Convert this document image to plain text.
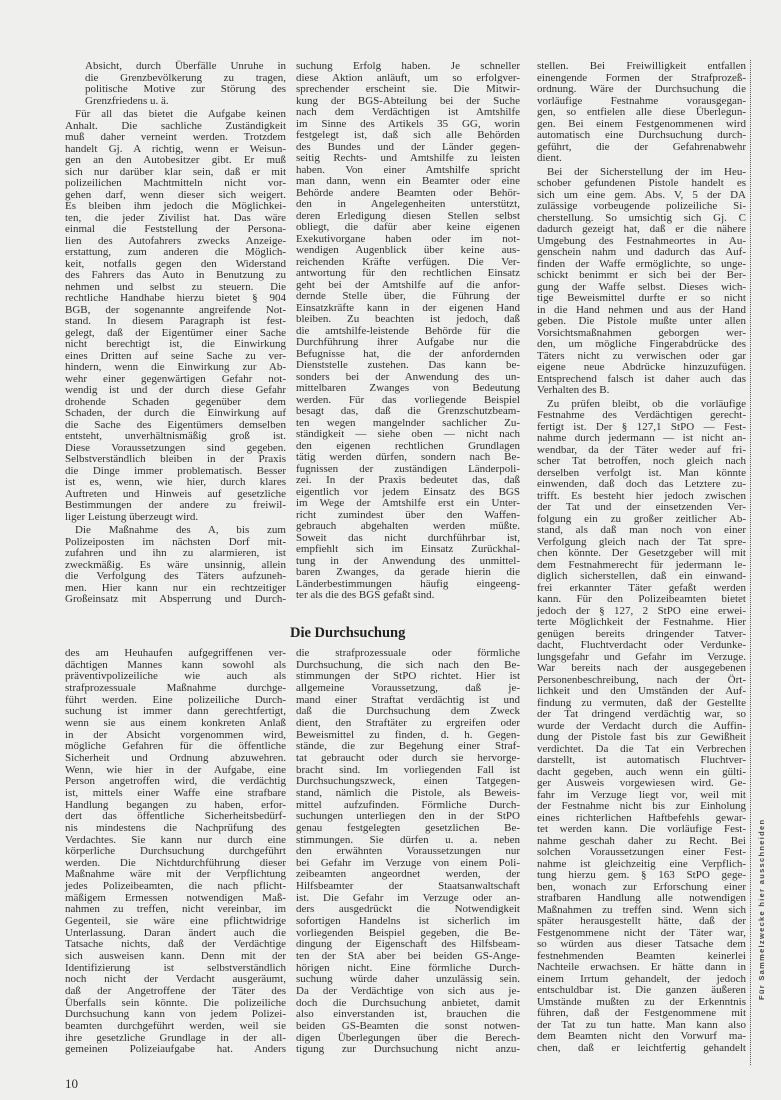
Absicht, durch Überfälle Unruhe in
die Grenzbevölkerung zu tragen,
politische Motive zur Störung des
Grenzfriedens u. ä.
Für all das bietet die Aufgabe keinen
Anhalt. Die sachliche Zuständigkeit
muß daher verneint werden. Trotzdem
handelt Gj. A richtig, wenn er Weisun-
gen an den Autobesitzer gibt. Er muß
sich nur darüber klar sein, daß er mit
polizeilichen Machtmitteln nicht vor-
gehen darf, wenn dieser sich weigert.
Es bleiben ihm jedoch die Möglichkei-
ten, die jeder Zivilist hat. Das wäre
einmal die Feststellung der Persona-
lien des Autofahrers zwecks Anzeige-
erstattung, zum anderen die Möglich-
keit, notfalls gegen den Widerstand
des Fahrers das Auto in Benutzung zu
nehmen und selbst zu steuern. Die
rechtliche Handhabe hierzu bietet § 904
BGB, der sogenannte angreifende Not-
stand. In diesem Paragraph ist fest-
gelegt, daß der Eigentümer einer Sache
nicht berechtigt ist, die Einwirkung
eines Dritten auf seine Sache zu ver-
hindern, wenn die Einwirkung zur Ab-
wehr einer gegenwärtigen Gefahr not-
wendig ist und der durch diese Gefahr
drohende Schaden gegenüber dem
Schaden, der durch die Einwirkung auf
die Sache des Eigentümers demselben
entsteht, unverhältnismäßig groß ist.
Diese Voraussetzungen sind gegeben.
Selbstverständlich bleiben in der Praxis
die Dinge immer problematisch. Besser
ist es, wenn, wie hier, durch klares
Auftreten und Hinweis auf gesetzliche
Bestimmungen der andere zu freiwil-
liger Leistung überzeugt wird.
Die Maßnahme des A, bis zum
Polizeiposten im nächsten Dorf mit-
zufahren und ihn zu alarmieren, ist
zweckmäßig. Es wäre unsinnig, allein
die Verfolgung des Täters aufzuneh-
men. Hier kann nur ein rechtzeitiger
Großeinsatz mit Absperrung und Durch-
suchung Erfolg haben. Je schneller
diese Aktion anläuft, um so erfolgver-
sprechender erscheint sie. Die Mitwir-
kung der BGS-Abteilung bei der Suche
nach dem Verdächtigen ist Amtshilfe
im Sinne des Artikels 35 GG, worin
festgelegt ist, daß sich alle Behörden
des Bundes und der Länder gegen-
seitig Rechts- und Amtshilfe zu leisten
haben. Von einer Amtshilfe spricht
man dann, wenn ein Beamter oder eine
Behörde andere Beamten oder Behör-
den in Angelegenheiten unterstützt,
deren Erledigung diesen Stellen selbst
obliegt, die dafür aber keine eigenen
Exekutivorgane haben oder im not-
wendigen Augenblick über keine aus-
reichenden Kräfte verfügen. Die Ver-
antwortung für den rechtlichen Einsatz
geht bei der Amtshilfe auf die anfor-
dernde Stelle über, die Führung der
Einsatzkräfte kann in der eigenen Hand
bleiben. Zu beachten ist jedoch, daß
die amtshilfe-leistende Behörde für die
Durchführung ihrer Aufgabe nur die
Befugnisse hat, die der anfordernden
Dienststelle zustehen. Das kann be-
sonders bei der Anwendung des un-
mittelbaren Zwanges von Bedeutung
werden. Für das vorliegende Beispiel
besagt das, daß die Grenzschutzbeam-
ten wegen mangelnder sachlicher Zu-
ständigkeit — siehe oben — nicht nach
den eigenen rechtlichen Grundlagen
tätig werden dürfen, sondern nach Be-
fugnissen der zuständigen Länderpoli-
zei. In der Praxis bedeutet das, daß
eigentlich vor jedem Einsatz des BGS
im Wege der Amtshilfe erst ein Unter-
richt zumindest über den Waffen-
gebrauch abgehalten werden müßte.
Soweit das nicht durchführbar ist,
empfiehlt sich im Einsatz Zurückhal-
tung in der Anwendung des unmittel-
baren Zwanges, da gerade hierin die
Länderbestimmungen häufig eingeeng-
ter als die des BGS gefaßt sind.
stellen. Bei Freiwilligkeit entfallen
einengende Formen der Strafprozeß-
ordnung. Wäre der Durchsuchung die
vorläufige Festnahme vorausgegan-
gen, so entfielen alle diese Überlegun-
gen. Bei einem Festgenommenen wird
automatisch eine Durchsuchung durch-
geführt, die der Gefahrenabwehr
dient.
Bei der Sicherstellung der im Heu-
schober gefundenen Pistole handelt es
sich um eine gem. Abs. V, 5 der DA
zulässige vorbeugende polizeiliche Si-
cherstellung. So umsichtig sich Gj. C
dadurch gezeigt hat, daß er die nähere
Umgebung des Festnahmeortes in Au-
genschein nahm und dadurch das Auf-
finden der Waffe ermöglichte, so unge-
schickt benimmt er sich bei der Ber-
gung der Waffe selbst. Dieses wich-
tige Beweismittel durfte er so nicht
in die Hand nehmen und aus der Hand
geben. Die Pistole mußte unter allen
Vorsichtsmaßnahmen geborgen wer-
den, um mögliche Fingerabdrücke des
Täters nicht zu verwischen oder gar
eigene neue Abdrücke hinzuzufügen.
Entsprechend falsch ist daher auch das
Verhalten des B.
Zu prüfen bleibt, ob die vorläufige
Festnahme des Verdächtigen gerecht-
fertigt ist. Der § 127,1 StPO — Fest-
nahme durch jedermann — ist nicht an-
wendbar, da der Täter weder auf fri-
scher Tat betroffen, noch gleich nach
derselben verfolgt ist. Man könnte
einwenden, daß doch das Letztere zu-
trifft. Es besteht hier jedoch zwischen
der Tat und der einsetzenden Ver-
folgung ein zu großer zeitlicher Ab-
stand, als daß man noch von einer
Verfolgung gleich nach der Tat spre-
chen könnte. Der Gesetzgeber will mit
dem Festnahmerecht für jedermann le-
diglich sicherstellen, daß ein einwand-
frei erkannter Täter gefaßt werden
kann. Für den Polizeibeamten bietet
jedoch der § 127, 2 StPO eine erwei-
terte Möglichkeit der Festnahme. Hier
genügen bereits dringender Tatver-
dacht, Fluchtverdacht oder Verdunke-
lungsgefahr und Gefahr im Verzuge.
War bereits nach der ausgegebenen
Personenbeschreibung, nach der Ört-
lichkeit und den Umständen der Auf-
findung zu vermuten, daß der Gestellte
der Tat dringend verdächtig war, so
wurde der Verdacht durch die Auffin-
dung der Pistole fast bis zur Gewißheit
verdichtet. Da die Tat ein Verbrechen
darstellt, ist automatisch Fluchtver-
dacht gegeben, auch wenn ein gülti-
ger Ausweis vorgewiesen wird. Ge-
fahr im Verzuge liegt vor, weil mit
der Festnahme nicht bis zur Einholung
eines richterlichen Haftbefehls gewar-
tet werden kann. Die vorläufige Fest-
nahme geschah daher zu Recht. Bei
solchen Voraussetzungen einer Fest-
nahme ist gleichzeitig eine Verpflich-
tung hierzu gem. § 163 StPO gege-
ben, wonach zur Erforschung einer
strafbaren Handlung alle notwendigen
Maßnahmen zu treffen sind. Wenn sich
später herausgestellt hätte, daß der
Festgenommene nicht der Täter war,
so würden aus dieser Tatsache dem
festnehmenden Beamten keinerlei
Nachteile erwachsen. Er hätte dann in
einem Irrtum gehandelt, der jedoch
entschuldbar ist. Die ganzen äußeren
Umstände mußten zu der Erkenntnis
führen, daß der Festgenommene mit
der Tat zu tun hatte. Man kann also
dem Beamten nicht den Vorwurf ma-
chen, daß er leichtfertig gehandelt
Die Durchsuchung
des am Heuhaufen aufgegriffenen ver-
dächtigen Mannes kann sowohl als
präventivpolizeiliche wie auch als
strafprozessuale Maßnahme durchge-
führt werden. Eine polizeiliche Durch-
suchung ist immer dann gerechtfertigt,
wenn sie aus einem konkreten Anlaß
in der Absicht vorgenommen wird,
mögliche Gefahren für die öffentliche
Sicherheit und Ordnung abzuwehren.
Wenn, wie hier in der Aufgabe, eine
Person angetroffen wird, die verdächtig
ist, mittels einer Waffe eine strafbare
Handlung begangen zu haben, erfor-
dert das öffentliche Sicherheitsbedürf-
nis mindestens die Nachprüfung des
Verdachtes. Sie kann nur durch eine
körperliche Durchsuchung durchgeführt
werden. Die Nichtdurchführung dieser
Maßnahme wäre mit der Verpflichtung
jedes Polizeibeamten, die nach pflicht-
mäßigem Ermessen notwendigen Maß-
nahmen zu treffen, nicht vereinbar, im
Gegenteil, sie wäre eine pflichtwidrige
Unterlassung. Daran ändert auch die
Tatsache nichts, daß der Verdächtige
sich ausweisen kann. Denn mit der
Identifizierung ist selbstverständlich
noch nicht der Verdacht ausgeräumt,
daß der Angetroffene der Täter des
Überfalls sein könnte. Die polizeiliche
Durchsuchung kann von jedem Polizei-
beamten durchgeführt werden, weil sie
ihre gesetzliche Grundlage in der all-
gemeinen Polizeiaufgabe hat. Anders
die strafprozessuale oder förmliche
Durchsuchung, die sich nach den Be-
stimmungen der StPO richtet. Hier ist
allgemeine Voraussetzung, daß je-
mand einer Straftat verdächtig ist und
daß die Durchsuchung dem Zweck
dient, den Straftäter zu ergreifen oder
Beweismittel zu finden, d. h. Gegen-
stände, die zur Begehung einer Straf-
tat gebraucht oder durch sie hervorge-
bracht sind. Im vorliegenden Fall ist
Durchsuchungszweck, einen Tatgegen-
stand, nämlich die Pistole, als Beweis-
mittel aufzufinden. Förmliche Durch-
suchungen unterliegen den in der StPO
genau festgelegten gesetzlichen Be-
stimmungen. Sie dürfen u. a. neben
den erwähnten Voraussetzungen nur
bei Gefahr im Verzuge von einem Poli-
zeibeamten angeordnet werden, der
Hilfsbeamter der Staatsanwaltschaft
ist. Die Gefahr im Verzuge oder an-
ders ausgedrückt die Notwendigkeit
sofortigen Handelns ist sicherlich im
vorliegenden Beispiel gegeben, die Be-
dingung der Eigenschaft des Hilfsbeam-
ten der StA aber bei beiden GS-Ange-
hörigen nicht. Eine förmliche Durch-
suchung würde daher unzulässig sein.
Da der Verdächtige von sich aus je-
doch die Durchsuchung anbietet, damit
also einverstanden ist, brauchen die
beiden GS-Beamten die sonst notwen-
digen Überlegungen über die Berech-
tigung zur Durchsuchung nicht anzu-
10
Für Sammelzwecke hier ausschneiden
